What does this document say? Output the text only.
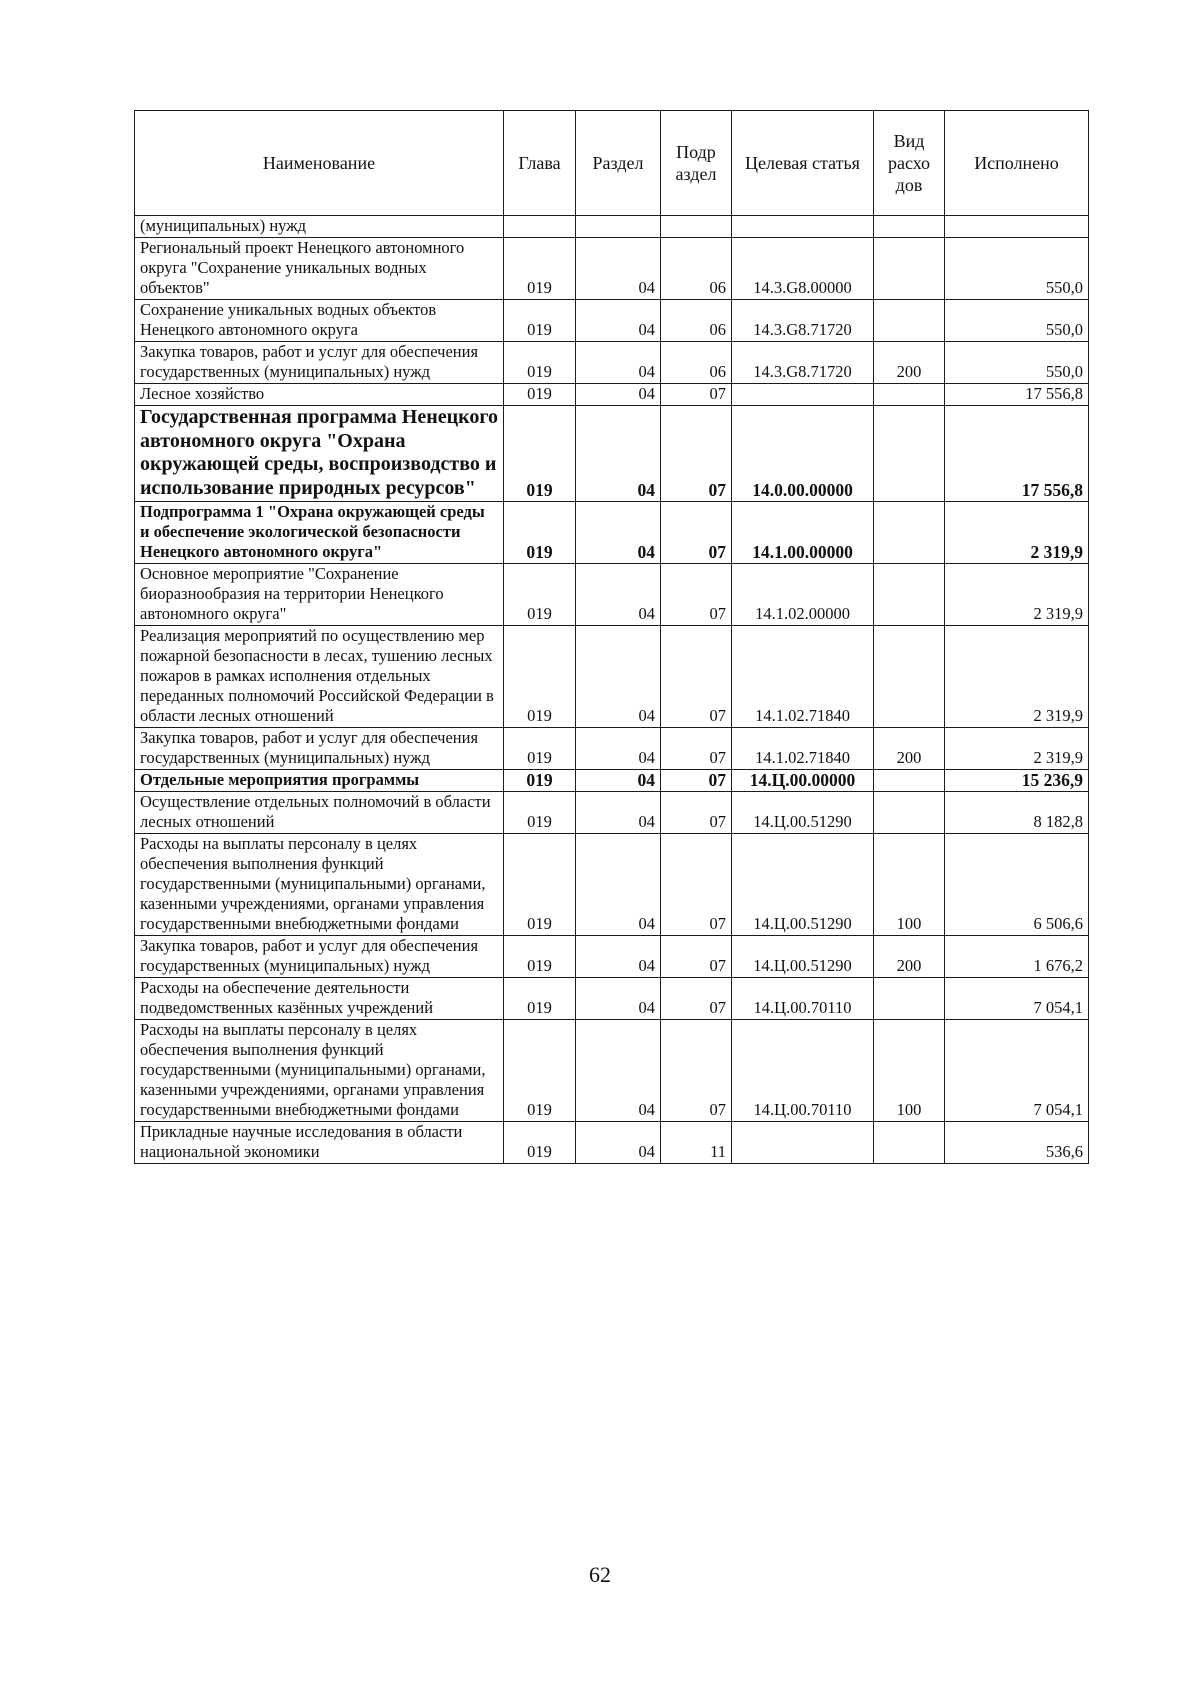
Наименование	Глава	Раздел	Подр аздел	Целевая статья	Вид расхо дов	Исполнено
(муниципальных) нужд						
Региональный проект Ненецкого автономного округа "Сохранение уникальных водных объектов"	019	04	06	14.3.G8.00000		550,0
Сохранение уникальных водных объектов Ненецкого автономного округа	019	04	06	14.3.G8.71720		550,0
Закупка товаров, работ и услуг для обеспечения государственных (муниципальных) нужд	019	04	06	14.3.G8.71720	200	550,0
Лесное хозяйство	019	04	07			17 556,8
Государственная программа Ненецкого автономного округа "Охрана окружающей среды, воспроизводство и использование природных ресурсов"	019	04	07	14.0.00.00000		17 556,8
Подпрограмма 1 "Охрана окружающей среды и обеспечение экологической безопасности Ненецкого автономного округа"	019	04	07	14.1.00.00000		2 319,9
Основное мероприятие "Сохранение биоразнообразия на территории Ненецкого автономного округа"	019	04	07	14.1.02.00000		2 319,9
Реализация мероприятий по осуществлению мер пожарной безопасности в лесах, тушению лесных пожаров в рамках исполнения отдельных переданных полномочий Российской Федерации в области лесных отношений	019	04	07	14.1.02.71840		2 319,9
Закупка товаров, работ и услуг для обеспечения государственных (муниципальных) нужд	019	04	07	14.1.02.71840	200	2 319,9
Отдельные мероприятия программы	019	04	07	14.Ц.00.00000		15 236,9
Осуществление отдельных полномочий в области лесных отношений	019	04	07	14.Ц.00.51290		8 182,8
Расходы на выплаты персоналу в целях обеспечения выполнения функций государственными (муниципальными) органами, казенными учреждениями, органами управления государственными внебюджетными фондами	019	04	07	14.Ц.00.51290	100	6 506,6
Закупка товаров, работ и услуг для обеспечения государственных (муниципальных) нужд	019	04	07	14.Ц.00.51290	200	1 676,2
Расходы на обеспечение деятельности подведомственных казённых учреждений	019	04	07	14.Ц.00.70110		7 054,1
Расходы на выплаты персоналу в целях обеспечения выполнения функций государственными (муниципальными) органами, казенными учреждениями, органами управления государственными внебюджетными фондами	019	04	07	14.Ц.00.70110	100	7 054,1
Прикладные научные исследования в области национальной экономики	019	04	11			536,6
62
